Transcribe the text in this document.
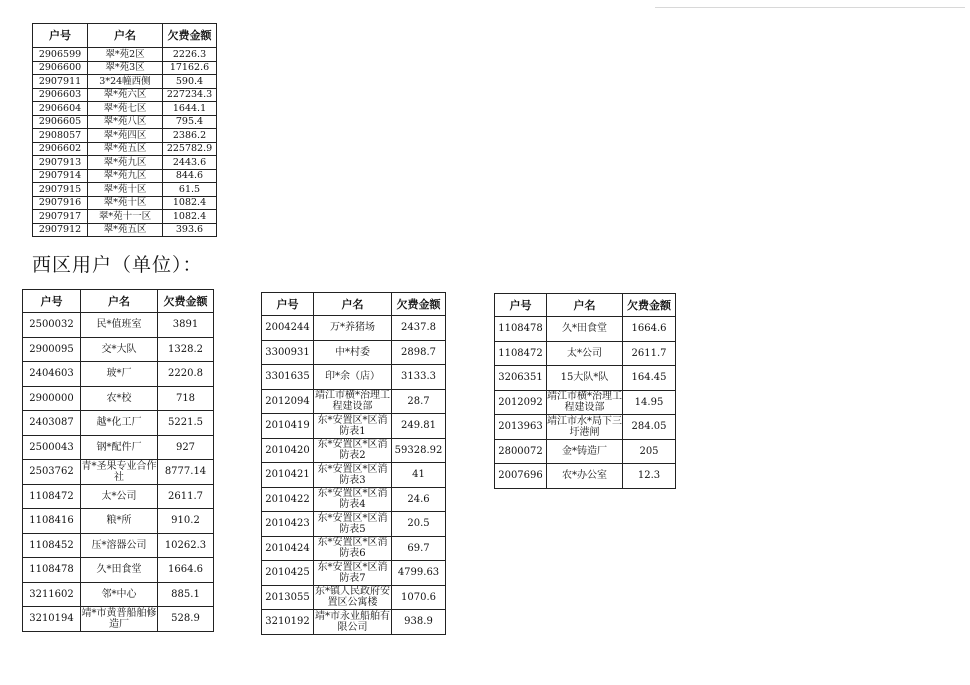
户号	户名	欠费金额
2906599	翠*苑2区	2226.3
2906600	翠*苑3区	17162.6
2907911	3*24幢西侧	590.4
2906603	翠*苑六区	227234.3
2906604	翠*苑七区	1644.1
2906605	翠*苑八区	795.4
2908057	翠*苑四区	2386.2
2906602	翠*苑五区	225782.9
2907913	翠*苑九区	2443.6
2907914	翠*苑九区	844.6
2907915	翠*苑十区	61.5
2907916	翠*苑十区	1082.4
2907917	翠*苑十一区	1082.4
2907912	翠*苑五区	393.6
西区用户（单位）：
户号	户名	欠费金额
2500032	民*值班室	3891
2900095	交*大队	1328.2
2404603	玻*厂	2220.8
2900000	农*校	718
2403087	越*化工厂	5221.5
2500043	钢*配件厂	927
2503762	青*圣果专业合作社	8777.14
1108472	太*公司	2611.7
1108416	粮*所	910.2
1108452	压*溶器公司	10262.3
1108478	久*田食堂	1664.6
3211602	邻*中心	885.1
3210194	靖*市黄普船舶修造厂	528.9
户号	户名	欠费金额
2004244	万*养猪场	2437.8
3300931	中*村委	2898.7
3301635	印*余（店）	3133.3
2012094	靖江市横*治理工程建设部	28.7
2010419	东*安置区*区消防表1	249.81
2010420	东*安置区*区消防表2	59328.92
2010421	东*安置区*区消防表3	41
2010422	东*安置区*区消防表4	24.6
2010423	东*安置区*区消防表5	20.5
2010424	东*安置区*区消防表6	69.7
2010425	东*安置区*区消防表7	4799.63
2013055	东*镇人民政府安置区公寓楼	1070.6
3210192	靖*市永业船舶有限公司	938.9
户号	户名	欠费金额
1108478	久*田食堂	1664.6
1108472	太*公司	2611.7
3206351	15大队*队	164.45
2012092	靖江市横*治理工程建设部	14.95
2013963	靖江市水*局下三圩港闸	284.05
2800072	金*铸造厂	205
2007696	农*办公室	12.3
